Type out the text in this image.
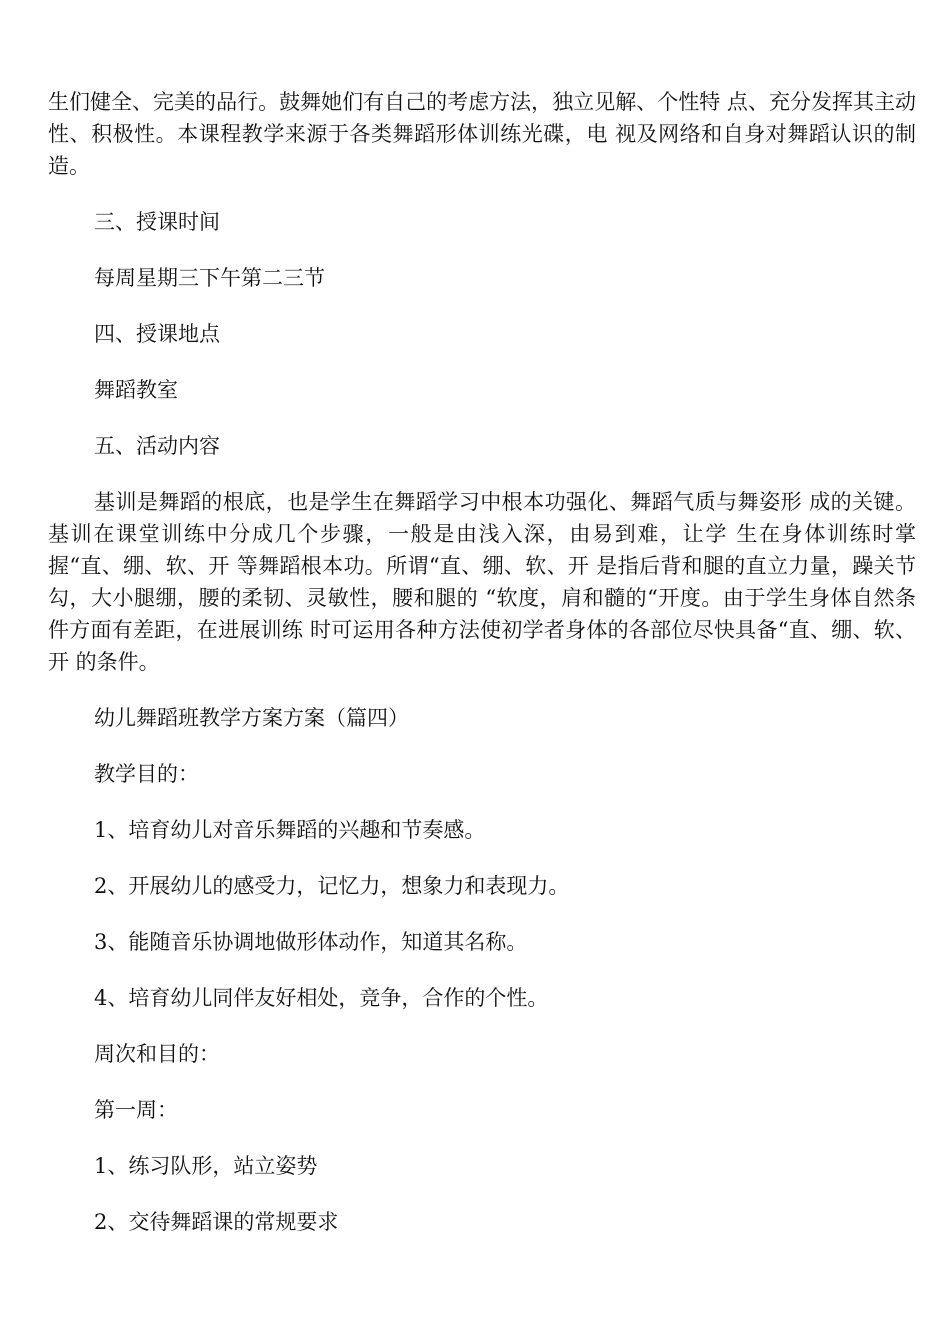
生们健全、完美的品行。鼓舞她们有自己的考虑方法，独立见解、个性特 点、充分发挥其主动性、积极性。本课程教学来源于各类舞蹈形体训练光碟，电 视及网络和自身对舞蹈认识的制造。

三、授课时间

每周星期三下午第二三节

四、授课地点

舞蹈教室

五、活动内容

基训是舞蹈的根底，也是学生在舞蹈学习中根本功强化、舞蹈气质与舞姿形 成的关键。基训在课堂训练中分成几个步骤，一般是由浅入深，由易到难，让学 生在身体训练时掌握“直、绷、软、开 等舞蹈根本功。所谓“直、绷、软、开 是指后背和腿的直立力量，躁关节勾，大小腿绷，腰的柔韧、灵敏性，腰和腿的 “软度，肩和髓的“开度。由于学生身体自然条件方面有差距，在进展训练 时可运用各种方法使初学者身体的各部位尽快具备“直、绷、软、开 的条件。

幼儿舞蹈班教学方案方案（篇四）

教学目的：

1、培育幼儿对音乐舞蹈的兴趣和节奏感。

2、开展幼儿的感受力，记忆力，想象力和表现力。

3、能随音乐协调地做形体动作，知道其名称。

4、培育幼儿同伴友好相处，竞争，合作的个性。

周次和目的：

第一周：

1、练习队形，站立姿势

2、交待舞蹈课的常规要求
